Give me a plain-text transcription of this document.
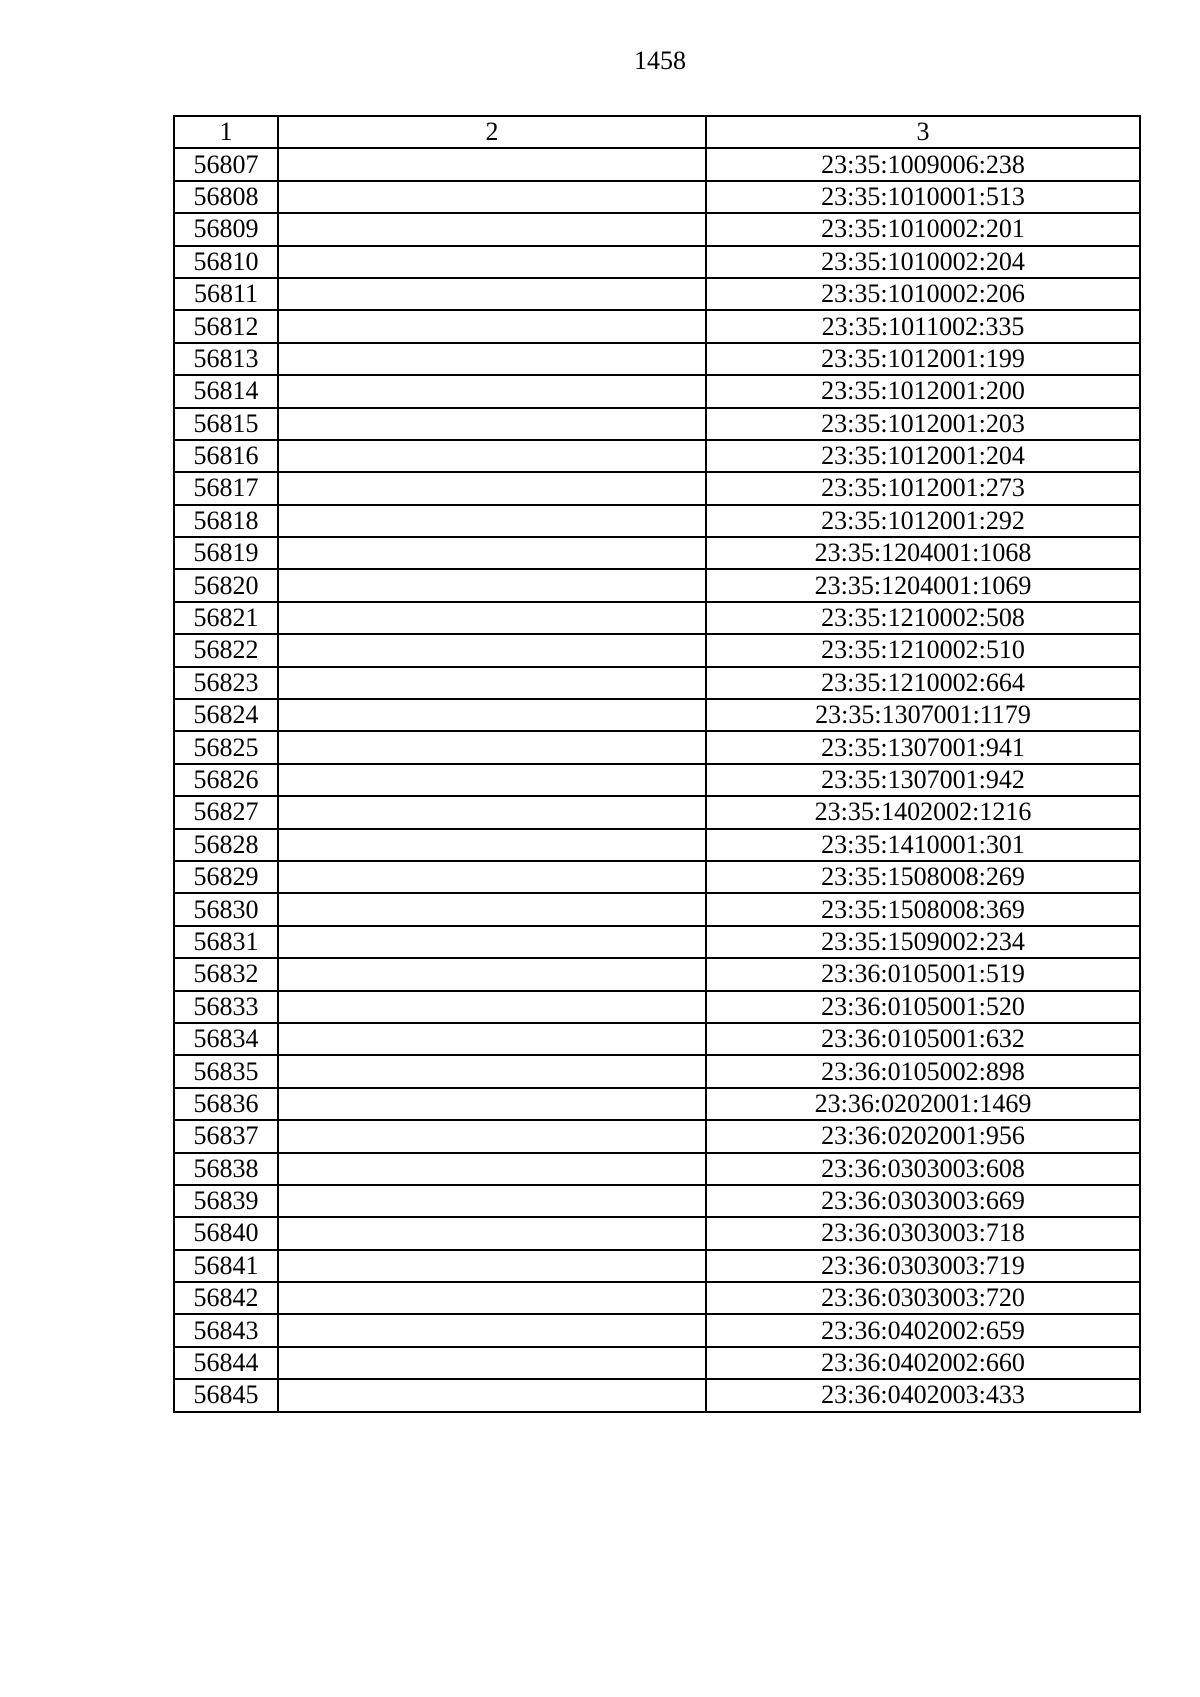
1458
1	2	3
56807		23:35:1009006:238
56808		23:35:1010001:513
56809		23:35:1010002:201
56810		23:35:1010002:204
56811		23:35:1010002:206
56812		23:35:1011002:335
56813		23:35:1012001:199
56814		23:35:1012001:200
56815		23:35:1012001:203
56816		23:35:1012001:204
56817		23:35:1012001:273
56818		23:35:1012001:292
56819		23:35:1204001:1068
56820		23:35:1204001:1069
56821		23:35:1210002:508
56822		23:35:1210002:510
56823		23:35:1210002:664
56824		23:35:1307001:1179
56825		23:35:1307001:941
56826		23:35:1307001:942
56827		23:35:1402002:1216
56828		23:35:1410001:301
56829		23:35:1508008:269
56830		23:35:1508008:369
56831		23:35:1509002:234
56832		23:36:0105001:519
56833		23:36:0105001:520
56834		23:36:0105001:632
56835		23:36:0105002:898
56836		23:36:0202001:1469
56837		23:36:0202001:956
56838		23:36:0303003:608
56839		23:36:0303003:669
56840		23:36:0303003:718
56841		23:36:0303003:719
56842		23:36:0303003:720
56843		23:36:0402002:659
56844		23:36:0402002:660
56845		23:36:0402003:433
